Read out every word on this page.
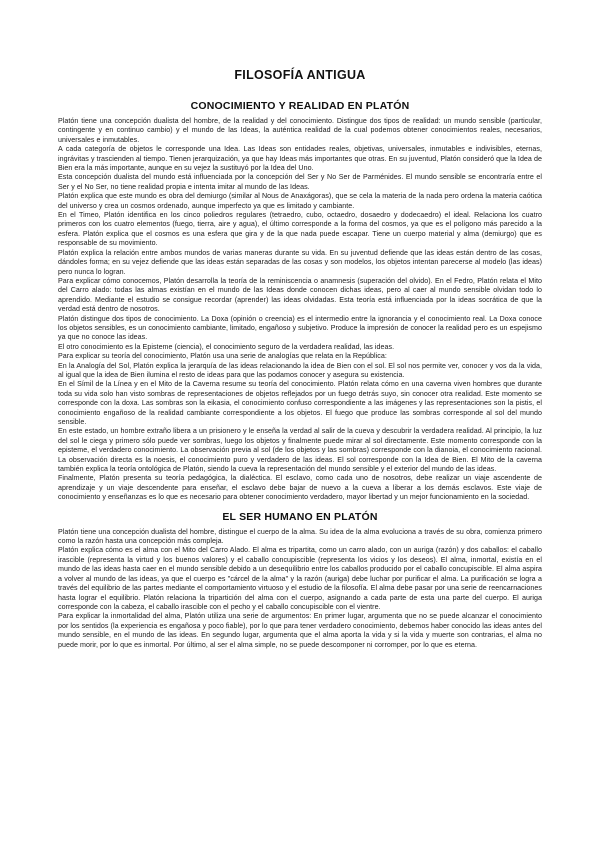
FILOSOFÍA ANTIGUA
CONOCIMIENTO Y REALIDAD EN PLATÓN

Platón tiene una concepción dualista del hombre, de la realidad y del conocimiento. Distingue dos tipos de realidad: un mundo sensible (particular, contingente y en continuo cambio) y el mundo de las Ideas, la auténtica realidad de la cual podemos obtener conocimientos reales, necesarios, universales e inmutables.

A cada categoría de objetos le corresponde una Idea. Las Ideas son entidades reales, objetivas, universales, inmutables e indivisibles, eternas, ingrávitas y trascienden al tiempo. Tienen jerarquización, ya que hay Ideas más importantes que otras. En su juventud, Platón consideró que la Idea de Bien era la más importante, aunque en su vejez la sustituyó por la Idea del Uno.

Esta concepción dualista del mundo está influenciada por la concepción del Ser y No Ser de Parménides. El mundo sensible se encontraría entre el Ser y el No Ser, no tiene realidad propia e intenta imitar al mundo de las Ideas.

Platón explica que este mundo es obra del demiurgo (similar al Nous de Anaxágoras), que se cela la materia de la nada pero ordena la materia caótica del universo y crea un cosmos ordenado, aunque imperfecto ya que es limitado y cambiante.

En el Timeo, Platón identifica en los cinco poliedros regulares (tetraedro, cubo, octaedro, dosaedro y dodecaedro) el ideal. Relaciona los cuatro primeros con los cuatro elementos (fuego, tierra, aire y agua), el último corresponde a la forma del cosmos, ya que es el polígono más parecido a la esfera. Platón explica que el cosmos es una esfera que gira y de la que nada puede escapar. Tiene un cuerpo material y alma (demiurgo) que es responsable de su movimiento.

Platón explica la relación entre ambos mundos de varias maneras durante su vida. En su juventud defiende que las ideas están dentro de las cosas, dándoles forma; en su vejez defiende que las ideas están separadas de las cosas y son modelos, los objetos intentan parecerse al modelo (las ideas) pero nunca lo logran.

Para explicar cómo conocemos, Platón desarrolla la teoría de la reminiscencia o anamnesis (superación del olvido). En el Fedro, Platón relata el Mito del Carro alado: todas las almas existían en el mundo de las Ideas donde conocen dichas ideas, pero al caer al mundo sensible olvidan todo lo aprendido. Mediante el estudio se consigue recordar (aprender) las ideas olvidadas. Esta teoría está influenciada por la ideas socrática de que la verdad está dentro de nosotros.

Platón distingue dos tipos de conocimiento. La Doxa (opinión o creencia) es el intermedio entre la ignorancia y el conocimiento real. La Doxa conoce los objetos sensibles, es un conocimiento cambiante, limitado, engañoso y subjetivo. Produce la impresión de conocer la realidad pero es un espejismo ya que no conoce las ideas.

El otro conocimiento es la Episteme (ciencia), el conocimiento seguro de la verdadera realidad, las ideas.

Para explicar su teoría del conocimiento, Platón usa una serie de analogías que relata en la República:

En la Analogía del Sol, Platón explica la jerarquía de las ideas relacionando la idea de Bien con el sol. El sol nos permite ver, conocer y vos da la vida, al igual que la idea de Bien ilumina el resto de ideas para que las podamos conocer y asegura su existencia.

En el Símil de la Línea y en el Mito de la Caverna resume su teoría del conocimiento. Platón relata cómo en una caverna viven hombres que durante toda su vida solo han visto sombras de representaciones de objetos reflejados por un fuego detrás suyo, sin conocer otra realidad. Este momento se corresponde con la doxa. Las sombras son la eikasia, el conocimiento confuso correspondiente a las imágenes y las representaciones son la pistis, el conocimiento engañoso de la realidad cambiante correspondiente a los objetos. El fuego que produce las sombras corresponde al sol del mundo sensible.

En este estado, un hombre extraño libera a un prisionero y le enseña la verdad al salir de la cueva y descubrir la verdadera realidad. Al principio, la luz del sol le ciega y primero sólo puede ver sombras, luego los objetos y finalmente puede mirar al sol directamente. Este momento corresponde con la episteme, el verdadero conocimiento. La observación previa al sol (de los objetos y las sombras) corresponde con la dianoia, el conocimiento racional. La observación directa es la noesis, el conocimiento puro y verdadero de las ideas. El sol corresponde con la Idea de Bien. El Mito de la caverna también explica la teoría ontológica de Platón, siendo la cueva la representación del mundo sensible y el exterior del mundo de las ideas.

Finalmente, Platón presenta su teoría pedagógica, la dialéctica. El esclavo, como cada uno de nosotros, debe realizar un viaje ascendente de aprendizaje y un viaje descendente para enseñar, el esclavo debe bajar de nuevo a la cueva a liberar a los demás esclavos. Este viaje de conocimiento y enseñanzas es lo que es necesario para obtener conocimiento verdadero, mayor libertad y un mejor funcionamiento en la sociedad.

EL SER HUMANO EN PLATÓN

Platón tiene una concepción dualista del hombre, distingue el cuerpo de la alma. Su idea de la alma evoluciona a través de su obra, comienza primero como la razón hasta una concepción más compleja.

Platón explica cómo es el alma con el Mito del Carro Alado. El alma es tripartita, como un carro alado, con un auriga (razón) y dos caballos: el caballo irascible (representa la virtud y los buenos valores) y el caballo concupiscible (representa los vicios y los deseos). El alma, inmortal, existía en el mundo de las ideas hasta caer en el mundo sensible debido a un desequilibrio entre los caballos producido por el caballo concupiscible. El alma aspira a volver al mundo de las ideas, ya que el cuerpo es "cárcel de la alma" y la razón (auriga) debe luchar por purificar el alma. La purificación se logra a través del equilibrio de las partes mediante el comportamiento virtuoso y el estudio de la filosofía. El alma debe pasar por una serie de reencarnaciones hasta lograr el equilibrio. Platón relaciona la tripartición del alma con el cuerpo, asignando a cada parte de esta una parte del cuerpo. El auriga corresponde con la cabeza, el caballo irascible con el pecho y el caballo concupiscible con el vientre.

Para explicar la inmortalidad del alma, Platón utiliza una serie de argumentos: En primer lugar, argumenta que no se puede alcanzar el conocimiento por los sentidos (la experiencia es engañosa y poco fiable), por lo que para tener verdadero conocimiento, debemos haber conocido las ideas antes del mundo sensible, en el mundo de las ideas. En segundo lugar, argumenta que el alma aporta la vida y si la vida y muerte son contrarias, el alma no puede morir, por lo que es inmortal. Por último, al ser el alma simple, no se puede descomponer ni corromper, por lo que es eterna.
